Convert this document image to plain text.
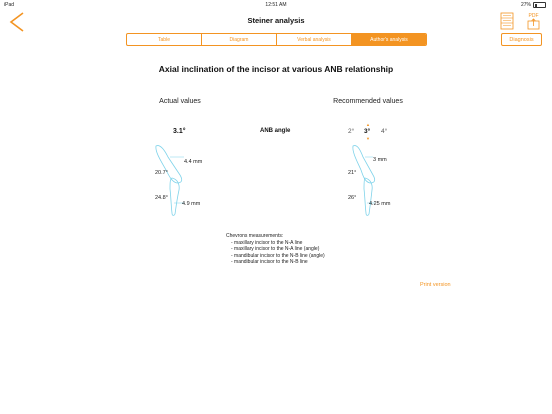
iPad	12:51 AM	27%
Steiner analysis	PDF
Table	Diagram	Verbal analysis	Author's analysis	Diagnosis
Axial inclination of the incisor at various ANB relationship
Actual values	Recommended values
3.1°	ANB angle
▲
2° 3° 4°
▼
4.4 mm
20.7°
24.8°
4.9 mm
3 mm
21°
26°
4.25 mm
Chevrons measurements:
- maxillary incisor to the N-A line
- maxillary incisor to the N-A line (angle)
- mandibular incisor to the N-B line (angle)
- mandibular incisor to the N-B line
Print version
